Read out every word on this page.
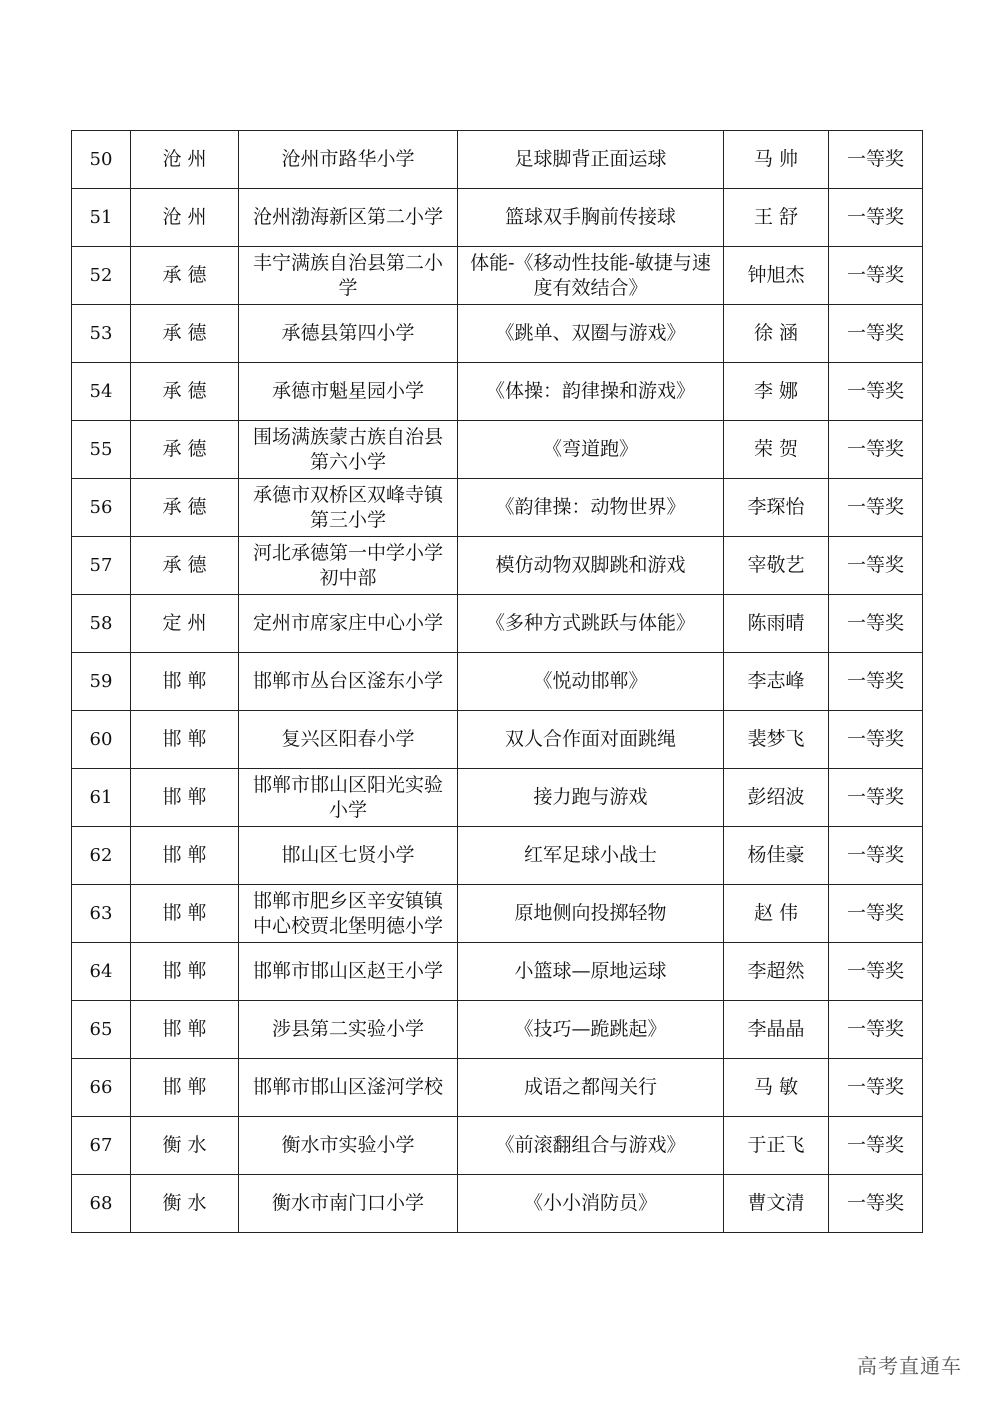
50	沧 州	沧州市路华小学	足球脚背正面运球	马 帅	一等奖
51	沧 州	沧州渤海新区第二小学	篮球双手胸前传接球	王 舒	一等奖
52	承 德	丰宁满族自治县第二小学	体能-《移动性技能-敏捷与速度有效结合》	钟旭杰	一等奖
53	承 德	承德县第四小学	《跳单、双圈与游戏》	徐 涵	一等奖
54	承 德	承德市魁星园小学	《体操：韵律操和游戏》	李 娜	一等奖
55	承 德	围场满族蒙古族自治县第六小学	《弯道跑》	荣 贺	一等奖
56	承 德	承德市双桥区双峰寺镇第三小学	《韵律操：动物世界》	李琛怡	一等奖
57	承 德	河北承德第一中学小学初中部	模仿动物双脚跳和游戏	宰敬艺	一等奖
58	定 州	定州市席家庄中心小学	《多种方式跳跃与体能》	陈雨晴	一等奖
59	邯 郸	邯郸市丛台区滏东小学	《悦动邯郸》	李志峰	一等奖
60	邯 郸	复兴区阳春小学	双人合作面对面跳绳	裴梦飞	一等奖
61	邯 郸	邯郸市邯山区阳光实验小学	接力跑与游戏	彭绍波	一等奖
62	邯 郸	邯山区七贤小学	红军足球小战士	杨佳豪	一等奖
63	邯 郸	邯郸市肥乡区辛安镇镇中心校贾北堡明德小学	原地侧向投掷轻物	赵 伟	一等奖
64	邯 郸	邯郸市邯山区赵王小学	小篮球—原地运球	李超然	一等奖
65	邯 郸	涉县第二实验小学	《技巧—跪跳起》	李晶晶	一等奖
66	邯 郸	邯郸市邯山区滏河学校	成语之都闯关行	马 敏	一等奖
67	衡 水	衡水市实验小学	《前滚翻组合与游戏》	于正飞	一等奖
68	衡 水	衡水市南门口小学	《小小消防员》	曹文清	一等奖
高考直通车
